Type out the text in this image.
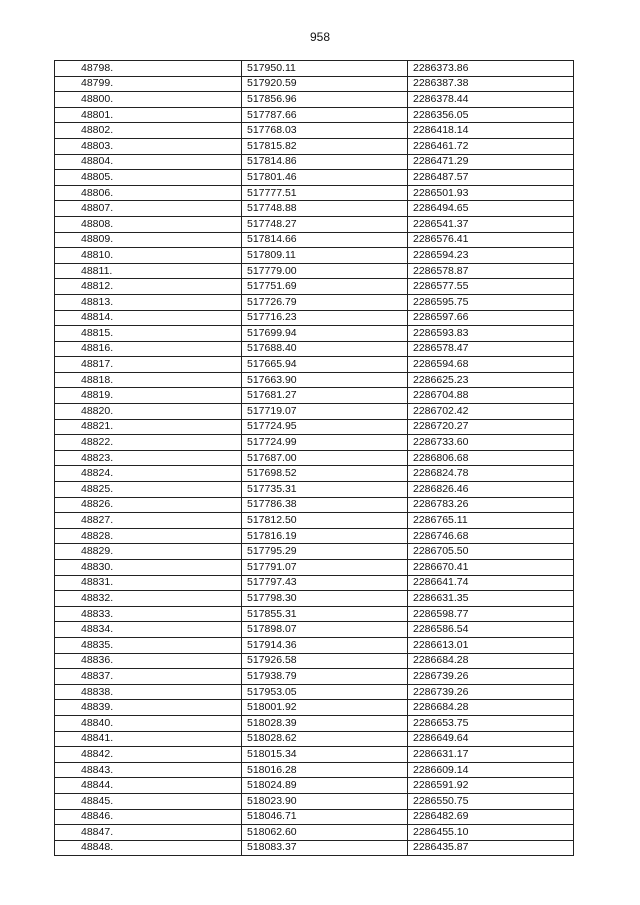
958
48798.	517950.11	2286373.86
48799.	517920.59	2286387.38
48800.	517856.96	2286378.44
48801.	517787.66	2286356.05
48802.	517768.03	2286418.14
48803.	517815.82	2286461.72
48804.	517814.86	2286471.29
48805.	517801.46	2286487.57
48806.	517777.51	2286501.93
48807.	517748.88	2286494.65
48808.	517748.27	2286541.37
48809.	517814.66	2286576.41
48810.	517809.11	2286594.23
48811.	517779.00	2286578.87
48812.	517751.69	2286577.55
48813.	517726.79	2286595.75
48814.	517716.23	2286597.66
48815.	517699.94	2286593.83
48816.	517688.40	2286578.47
48817.	517665.94	2286594.68
48818.	517663.90	2286625.23
48819.	517681.27	2286704.88
48820.	517719.07	2286702.42
48821.	517724.95	2286720.27
48822.	517724.99	2286733.60
48823.	517687.00	2286806.68
48824.	517698.52	2286824.78
48825.	517735.31	2286826.46
48826.	517786.38	2286783.26
48827.	517812.50	2286765.11
48828.	517816.19	2286746.68
48829.	517795.29	2286705.50
48830.	517791.07	2286670.41
48831.	517797.43	2286641.74
48832.	517798.30	2286631.35
48833.	517855.31	2286598.77
48834.	517898.07	2286586.54
48835.	517914.36	2286613.01
48836.	517926.58	2286684.28
48837.	517938.79	2286739.26
48838.	517953.05	2286739.26
48839.	518001.92	2286684.28
48840.	518028.39	2286653.75
48841.	518028.62	2286649.64
48842.	518015.34	2286631.17
48843.	518016.28	2286609.14
48844.	518024.89	2286591.92
48845.	518023.90	2286550.75
48846.	518046.71	2286482.69
48847.	518062.60	2286455.10
48848.	518083.37	2286435.87
